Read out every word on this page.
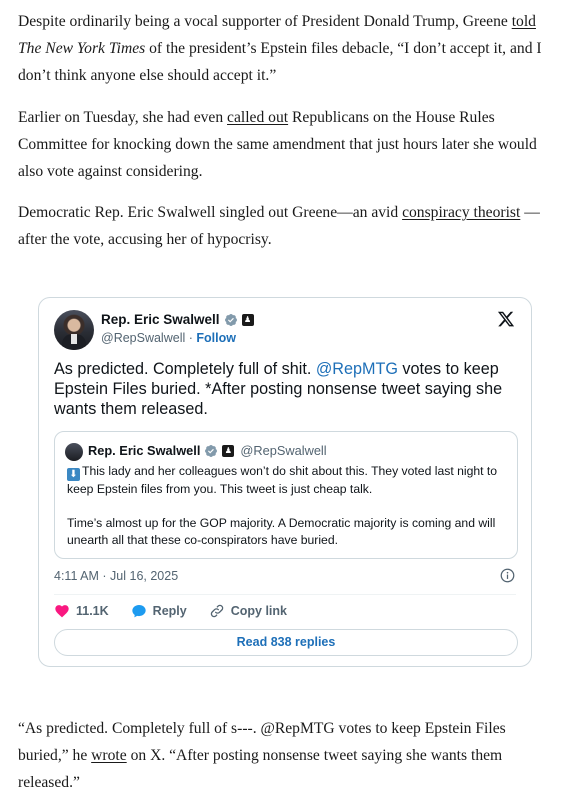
Despite ordinarily being a vocal supporter of President Donald Trump, Greene told The New York Times of the president’s Epstein files debacle, “I don’t accept it, and I don’t think anyone else should accept it.”

Earlier on Tuesday, she had even called out Republicans on the House Rules Committee for knocking down the same amendment that just hours later she would also vote against considering.

Democratic Rep. Eric Swalwell singled out Greene—an avid conspiracy theorist —after the vote, accusing her of hypocrisy.

“As predicted. Completely full of s---. @RepMTG votes to keep Epstein Files buried,” he wrote on X. “After posting nonsense tweet saying she wants them released.”

Rep. Eric Swalwell	♟
@RepSwalwell · Follow
As predicted. Completely full of shit. @RepMTG votes to keep Epstein Files buried. *After posting nonsense tweet saying she wants them released.
Rep. Eric Swalwell	♟ @RepSwalwell

⬇ This lady and her colleagues won’t do shit about this. They voted last night to keep Epstein files from you. This tweet is just cheap talk.

Time’s almost up for the GOP majority. A Democratic majority is coming and will unearth all that these co-conspirators have buried.

4:11 AM · Jul 16, 2025
11.1K	Reply	Copy link
Read 838 replies
